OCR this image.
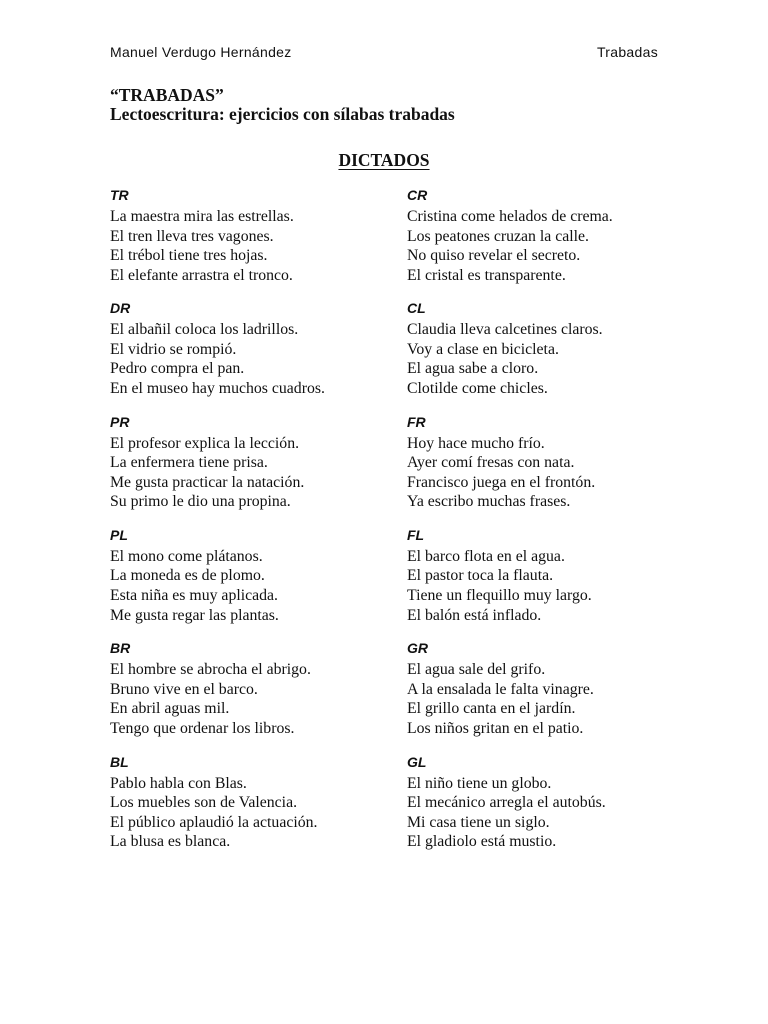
Manuel Verdugo Hernández	Trabadas
“TRABADAS”
Lectoescritura: ejercicios con sílabas trabadas
DICTADOS
TR
La maestra mira las estrellas.
El tren lleva tres vagones.
El trébol tiene tres hojas.
El elefante arrastra el tronco.
CR
Cristina come helados de crema.
Los peatones cruzan la calle.
No quiso revelar el secreto.
El cristal es transparente.
DR
El albañil coloca los ladrillos.
El vidrio se rompió.
Pedro compra el pan.
En el museo hay muchos cuadros.
CL
Claudia lleva calcetines claros.
Voy a clase en bicicleta.
El agua sabe a cloro.
Clotilde come chicles.
PR
El profesor explica la lección.
La enfermera tiene prisa.
Me gusta practicar la natación.
Su primo le dio una propina.
FR
Hoy hace mucho frío.
Ayer comí fresas con nata.
Francisco juega en el frontón.
Ya escribo muchas frases.
PL
El mono come plátanos.
La moneda es de plomo.
Esta niña es muy aplicada.
Me gusta regar las plantas.
FL
El barco flota en el agua.
El pastor toca la flauta.
Tiene un flequillo muy largo.
El balón está inflado.
BR
El hombre se abrocha el abrigo.
Bruno vive en el barco.
En abril aguas mil.
Tengo que ordenar los libros.
GR
El agua sale del grifo.
A la ensalada le falta vinagre.
El grillo canta en el jardín.
Los niños gritan en el patio.
BL
Pablo habla con Blas.
Los muebles son de Valencia.
El público aplaudió la actuación.
La blusa es blanca.
GL
El niño tiene un globo.
El mecánico arregla el autobús.
Mi casa tiene un siglo.
El gladiolo está mustio.
